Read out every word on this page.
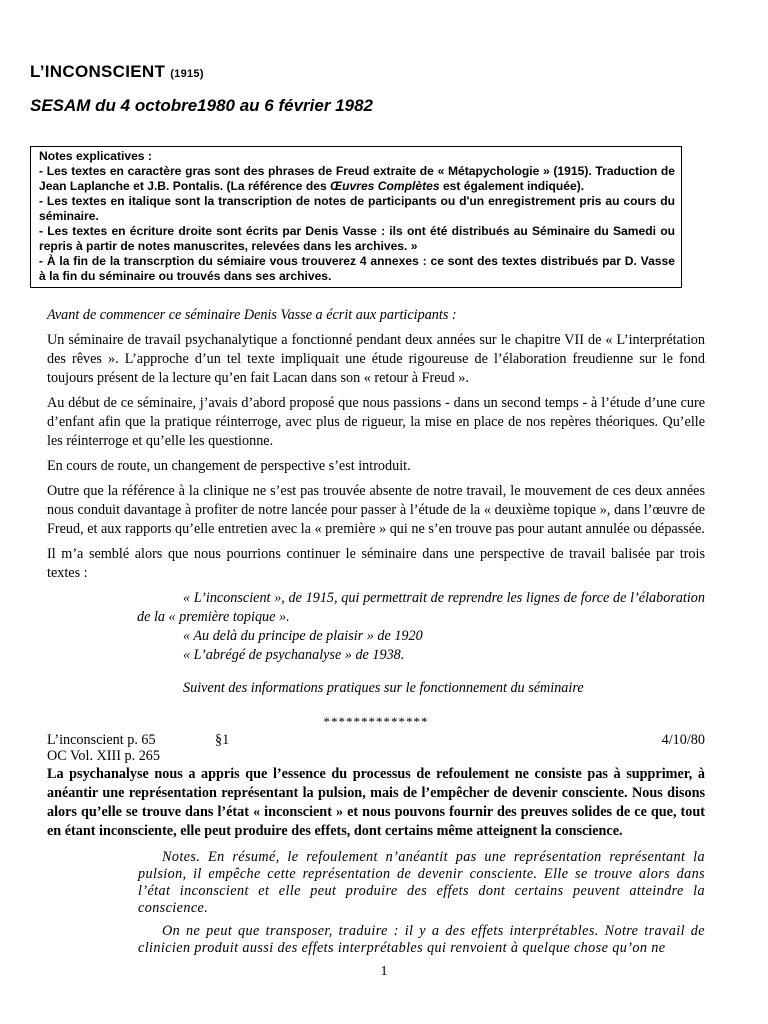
L’INCONSCIENT (1915)
SESAM du 4 octobre1980 au 6 février 1982

Notes explicatives :

- Les textes en caractère gras sont des phrases de Freud extraite de « Métapychologie » (1915). Traduction de Jean Laplanche et J.B. Pontalis. (La référence des Œuvres Complètes est également indiquée).

- Les textes en italique sont la transcription de notes de participants ou d'un enregistrement pris au cours du séminaire.

- Les textes en écriture droite sont écrits par Denis Vasse : ils ont été distribués au Séminaire du Samedi ou repris à partir de notes manuscrites, relevées dans les archives. »

- À la fin de la transcrption du sémiaire vous trouverez 4 annexes : ce sont des textes distribués par D. Vasse à la fin du séminaire ou trouvés dans ses archives.

Avant de commencer ce séminaire Denis Vasse a écrit aux participants :

Un séminaire de travail psychanalytique a fonctionné pendant deux années sur le chapitre VII de « L’interprétation des rêves ». L’approche d’un tel texte impliquait une étude rigoureuse de l’élaboration freudienne sur le fond toujours présent de la lecture qu’en fait Lacan dans son « retour à Freud ».

Au début de ce séminaire, j’avais d’abord proposé que nous passions - dans un second temps - à l’étude d’une cure d’enfant afin que la pratique réinterroge, avec plus de rigueur, la mise en place de nos repères théoriques. Qu’elle les réinterroge et qu’elle les questionne.

En cours de route, un changement de perspective s’est introduit.

Outre que la référence à la clinique ne s’est pas trouvée absente de notre travail, le mouvement de ces deux années nous conduit davantage à profiter de notre lancée pour passer à l’étude de la « deuxième topique », dans l’œuvre de Freud, et aux rapports qu’elle entretien avec la « première » qui ne s’en trouve pas pour autant annulée ou dépassée.

Il m’a semblé alors que nous pourrions continuer le séminaire dans une perspective de travail balisée par trois textes :

« L’inconscient », de 1915, qui permettrait de reprendre les lignes de force de l’élaboration de la « première topique ».

« Au delà du principe de plaisir » de 1920

« L’abrégé de psychanalyse » de 1938.

Suivent des informations pratiques sur le fonctionnement du séminaire

**************

L’inconscient p. 65	§1	4/10/80

OC Vol. XIII p. 265

La psychanalyse nous a appris que l’essence du processus de refoulement ne consiste pas à supprimer, à anéantir une représentation représentant la pulsion, mais de l’empêcher de devenir consciente. Nous disons alors qu’elle se trouve dans l’état « inconscient » et nous pouvons fournir des preuves solides de ce que, tout en étant inconsciente, elle peut produire des effets, dont certains même atteignent la conscience.

Notes. En résumé, le refoulement n’anéantit pas une représentation représentant la pulsion, il empêche cette représentation de devenir consciente. Elle se trouve alors dans l’état inconscient et elle peut produire des effets dont certains peuvent atteindre la conscience.

On ne peut que transposer, traduire : il y a des effets interprétables. Notre travail de clinicien produit aussi des effets interprétables qui renvoient à quelque chose qu’on ne

1
